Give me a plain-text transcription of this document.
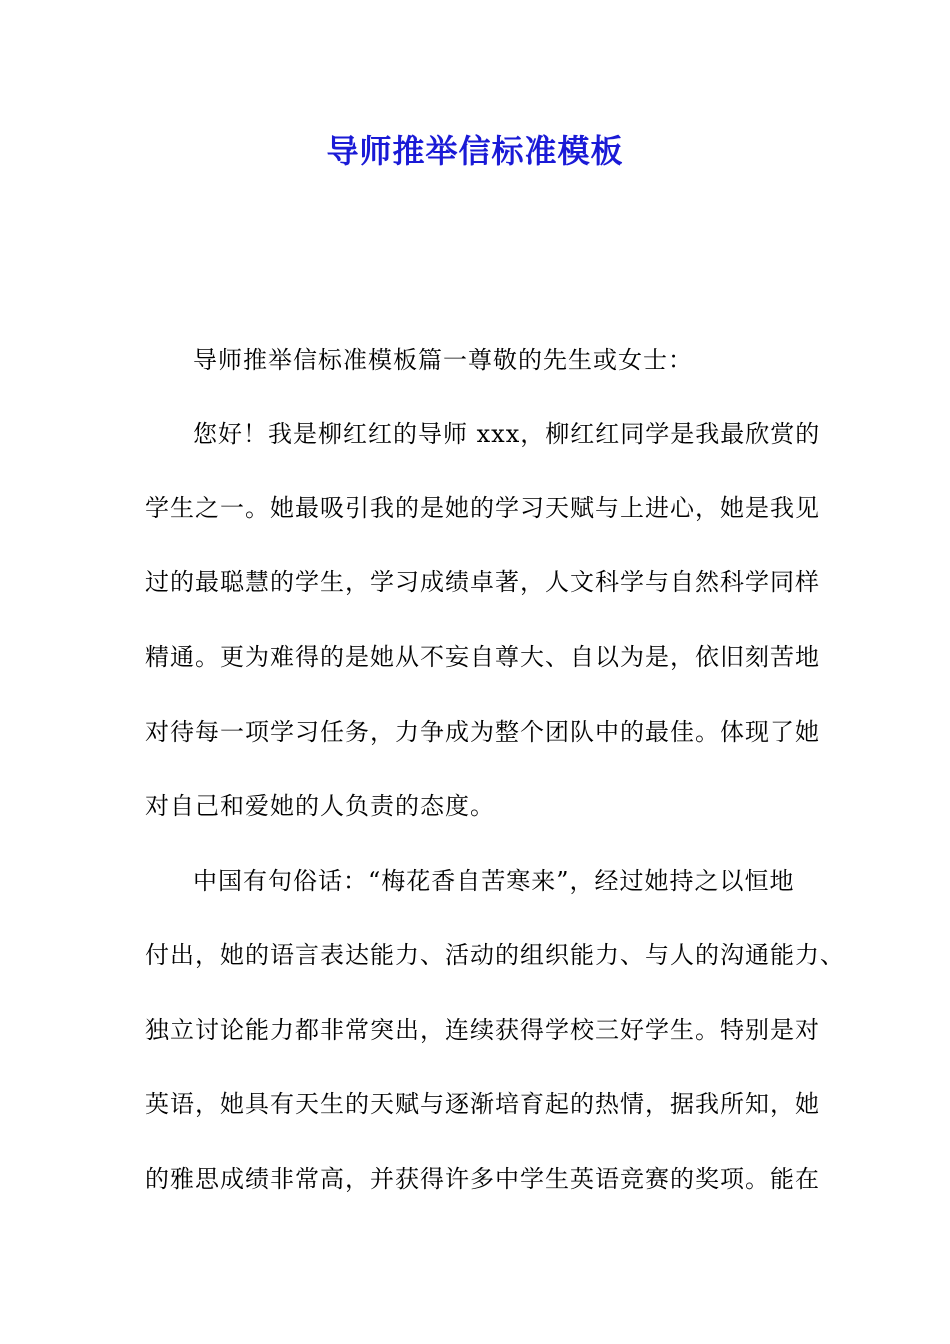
导师推举信标准模板
导师推举信标准模板篇一尊敬的先生或女士：
您好！我是柳红红的导师 xxx，柳红红同学是我最欣赏的
学生之一。她最吸引我的是她的学习天赋与上进心，她是我见
过的最聪慧的学生，学习成绩卓著，人文科学与自然科学同样
精通。更为难得的是她从不妄自尊大、自以为是，依旧刻苦地
对待每一项学习任务，力争成为整个团队中的最佳。体现了她
对自己和爱她的人负责的态度。
中国有句俗话：“梅花香自苦寒来”，经过她持之以恒地
付出，她的语言表达能力、活动的组织能力、与人的沟通能力、
独立讨论能力都非常突出，连续获得学校三好学生。特别是对
英语，她具有天生的天赋与逐渐培育起的热情，据我所知，她
的雅思成绩非常高，并获得许多中学生英语竞赛的奖项。能在
